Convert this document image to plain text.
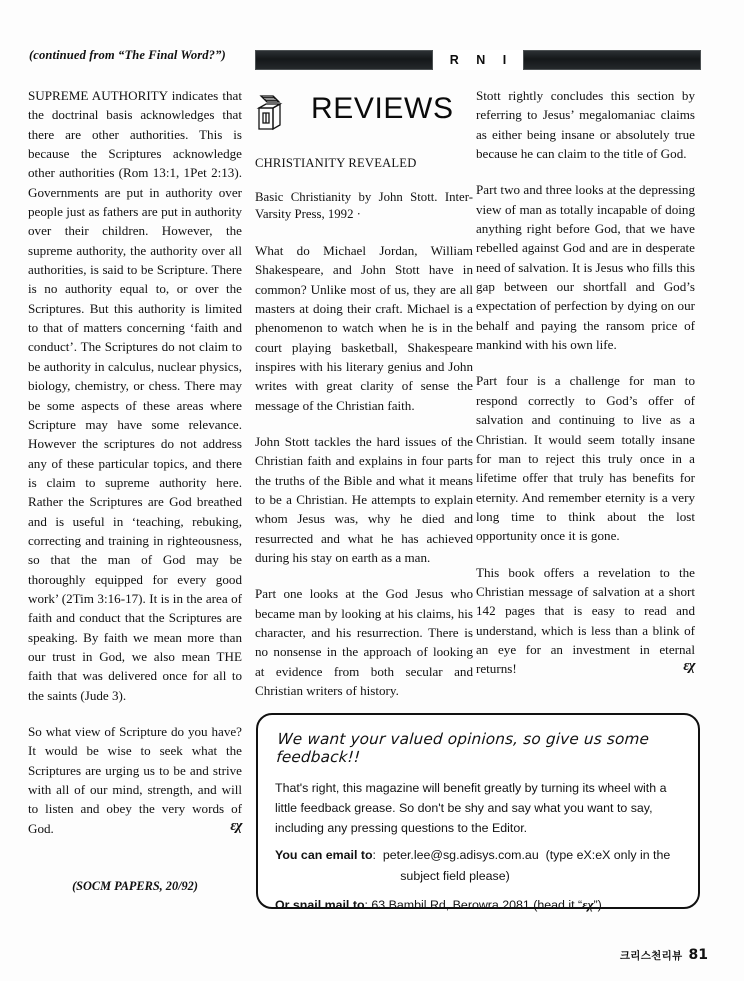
(continued from “The Final Word?”)	R N I
REVIEWS

SUPREME AUTHORITY indicates that the doctrinal basis acknowledges that there are other authorities. This is because the Scriptures acknowledge other authorities (Rom 13:1, 1Pet 2:13). Governments are put in authority over people just as fathers are put in authority over their children. However, the supreme authority, the authority over all authorities, is said to be Scripture. There is no authority equal to, or over the Scriptures. But this authority is limited to that of matters concerning ‘faith and conduct’. The Scriptures do not claim to be authority in calculus, nuclear physics, biology, chemistry, or chess. There may be some aspects of these areas where Scripture may have some relevance. However the scriptures do not address any of these particular topics, and there is claim to supreme authority here. Rather the Scriptures are God breathed and is useful in ‘teaching, rebuking, correcting and training in righteousness, so that the man of God may be thoroughly equipped for every good work’ (2Tim 3:16-17). It is in the area of faith and conduct that the Scriptures are speaking. By faith we mean more than our trust in God, we also mean THE faith that was delivered once for all to the saints (Jude 3).

So what view of Scripture do you have? It would be wise to seek what the Scriptures are urging us to be and strive with all of our mind, strength, and will to listen and obey the very words of God.	εχ

(SOCM PAPERS, 20/92)

CHRISTIANITY REVEALED

Basic Christianity by John Stott. Inter-Varsity Press, 1992 ·

What do Michael Jordan, William Shakespeare, and John Stott have in common? Unlike most of us, they are all masters at doing their craft. Michael is a phenomenon to watch when he is in the court playing basketball, Shakespeare inspires with his literary genius and John writes with great clarity of sense the message of the Christian faith.

John Stott tackles the hard issues of the Christian faith and explains in four parts the truths of the Bible and what it means to be a Christian. He attempts to explain whom Jesus was, why he died and resurrected and what he has achieved during his stay on earth as a man.

Part one looks at the God Jesus who became man by looking at his claims, his character, and his resurrection. There is no nonsense in the approach of looking at evidence from both secular and Christian writers of history.

Stott rightly concludes this section by referring to Jesus’ megalomaniac claims as either being insane or absolutely true because he can claim to the title of God.

Part two and three looks at the depressing view of man as totally incapable of doing anything right before God, that we have rebelled against God and are in desperate need of salvation. It is Jesus who fills this gap between our shortfall and God’s expectation of perfection by dying on our behalf and paying the ransom price of mankind with his own life.

Part four is a challenge for man to respond correctly to God’s offer of salvation and continuing to live as a Christian. It would seem totally insane for man to reject this truly once in a lifetime offer that truly has benefits for eternity. And remember eternity is a very long time to think about the lost opportunity once it is gone.

This book offers a revelation to the Christian message of salvation at a short 142 pages that is easy to read and understand, which is less than a blink of an eye for an investment in eternal returns!	εχ

We want your valued opinions, so give us some feedback!!

That's right, this magazine will benefit greatly by turning its wheel with a little feedback grease. So don't be shy and say what you want to say, including any pressing questions to the Editor.

You can email to:  peter.lee@sg.adisys.com.au (type eX:eX only in the

subject field please)

Or snail mail to: 63 Bambil Rd, Berowra 2081 (head it “εχ”)

크리스천리뷰 81
